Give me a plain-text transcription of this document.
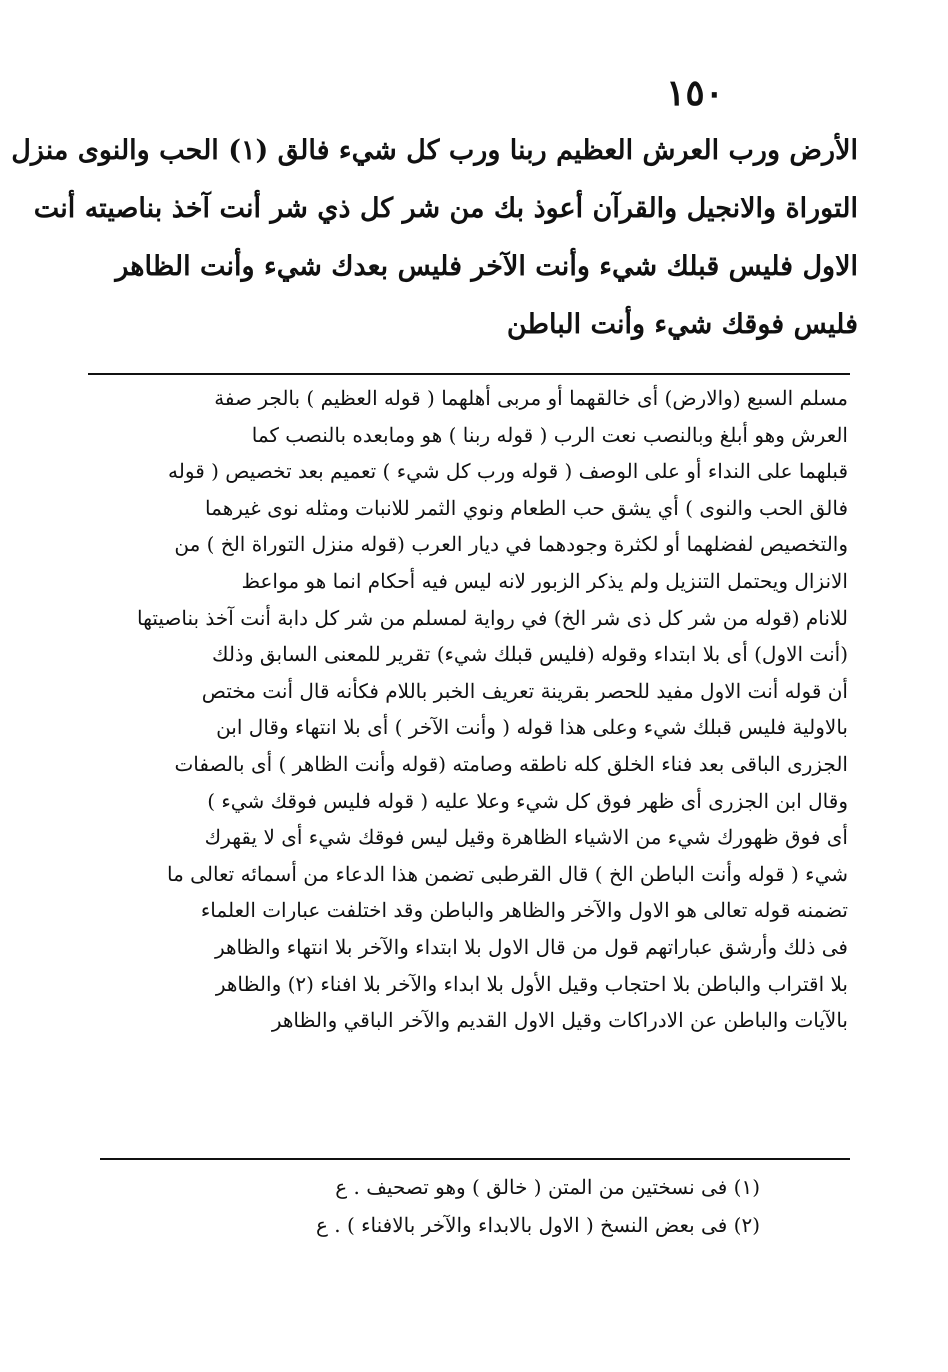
١٥٠
الأرض ورب العرش العظيم ربنا ورب كل شيء فالق (١) الحب والنوى منزل
التوراة والانجيل والقرآن أعوذ بك من شر كل ذي شر أنت آخذ بناصيته أنت
الاول فليس قبلك شيء وأنت الآخر فليس بعدك شيء وأنت الظاهر
فليس فوقك شيء وأنت الباطن
مسلم السبع (والارض) أى خالقهما أو مربى أهلهما ( قوله العظيم ) بالجر صفة
العرش وهو أبلغ وبالنصب نعت الرب ( قوله ربنا ) هو ومابعده بالنصب كما
قبلهما على النداء أو على الوصف ( قوله ورب كل شيء ) تعميم بعد تخصيص ( قوله
فالق الحب والنوى ) أي يشق حب الطعام ونوي الثمر للانبات ومثله نوى غيرهما
والتخصيص لفضلهما أو لكثرة وجودهما في ديار العرب (قوله منزل التوراة الخ ) من
الانزال ويحتمل التنزيل ولم يذكر الزبور لانه ليس فيه أحكام انما هو مواعظ
للانام (قوله من شر كل ذى شر الخ) في رواية لمسلم من شر كل دابة أنت آخذ بناصيتها
(أنت الاول) أى بلا ابتداء وقوله (فليس قبلك شيء) تقرير للمعنى السابق وذلك
أن قوله أنت الاول مفيد للحصر بقرينة تعريف الخبر باللام فكأنه قال أنت مختص
بالاولية فليس قبلك شيء وعلى هذا قوله ( وأنت الآخر ) أى بلا انتهاء وقال ابن
الجزرى الباقى بعد فناء الخلق كله ناطقه وصامته (قوله وأنت الظاهر ) أى بالصفات
وقال ابن الجزرى أى ظهر فوق كل شيء وعلا عليه ( قوله فليس فوقك شيء )
أى فوق ظهورك شيء من الاشياء الظاهرة وقيل ليس فوقك شيء أى لا يقهرك
شيء ( قوله وأنت الباطن الخ ) قال القرطبى تضمن هذا الدعاء من أسمائه تعالى ما
تضمنه قوله تعالى هو الاول والآخر والظاهر والباطن وقد اختلفت عبارات العلماء
فى ذلك وأرشق عباراتهم قول من قال الاول بلا ابتداء والآخر بلا انتهاء والظاهر
بلا اقتراب والباطن بلا احتجاب وقيل الأول بلا ابداء والآخر بلا افناء (٢) والظاهر
بالآيات والباطن عن الادراكات وقيل الاول القديم والآخر الباقي والظاهر
(١) فى نسختين من المتن ( خالق ) وهو تصحيف . ع
(٢) فى بعض النسخ ( الاول بالابداء والآخر بالافناء ) . ع
